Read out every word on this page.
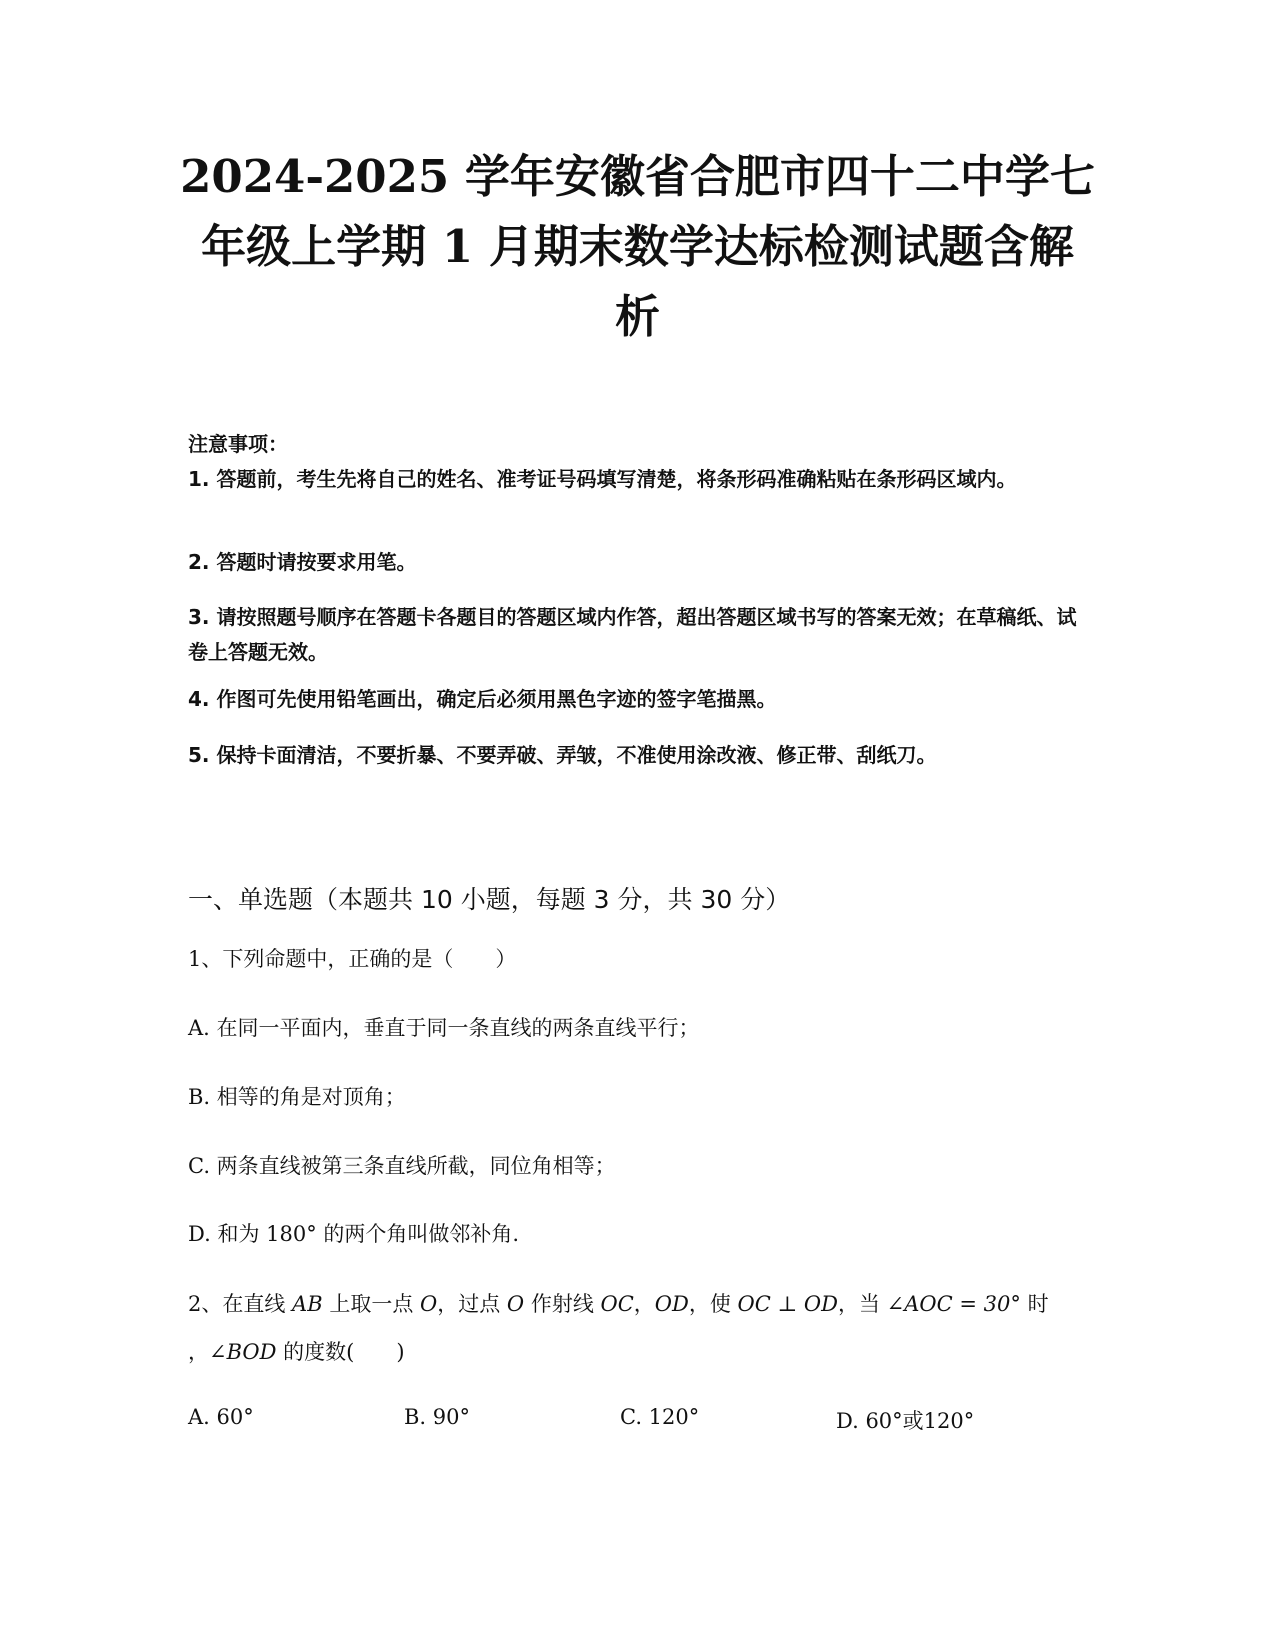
2024-2025 学年安徽省合肥市四十二中学七
年级上学期 1 月期末数学达标检测试题含解
析
注意事项：
1. 答题前，考生先将自己的姓名、准考证号码填写清楚，将条形码准确粘贴在条形码区域内。
2. 答题时请按要求用笔。
3. 请按照题号顺序在答题卡各题目的答题区域内作答，超出答题区域书写的答案无效；在草稿纸、试卷上答题无效。
4. 作图可先使用铅笔画出，确定后必须用黑色字迹的签字笔描黑。
5. 保持卡面清洁，不要折暴、不要弄破、弄皱，不准使用涂改液、修正带、刮纸刀。
一、单选题（本题共 10 小题，每题 3 分，共 30 分）
1、下列命题中，正确的是（　　）
A. 在同一平面内，垂直于同一条直线的两条直线平行；
B. 相等的角是对顶角；
C. 两条直线被第三条直线所截，同位角相等；
D. 和为 180° 的两个角叫做邻补角.
2、在直线 AB 上取一点 O，过点 O 作射线 OC，OD，使 OC ⊥ OD，当 ∠AOC = 30° 时
，∠BOD 的度数(　　)
A. 60°	B. 90°	C. 120°	D. 60°或120°
